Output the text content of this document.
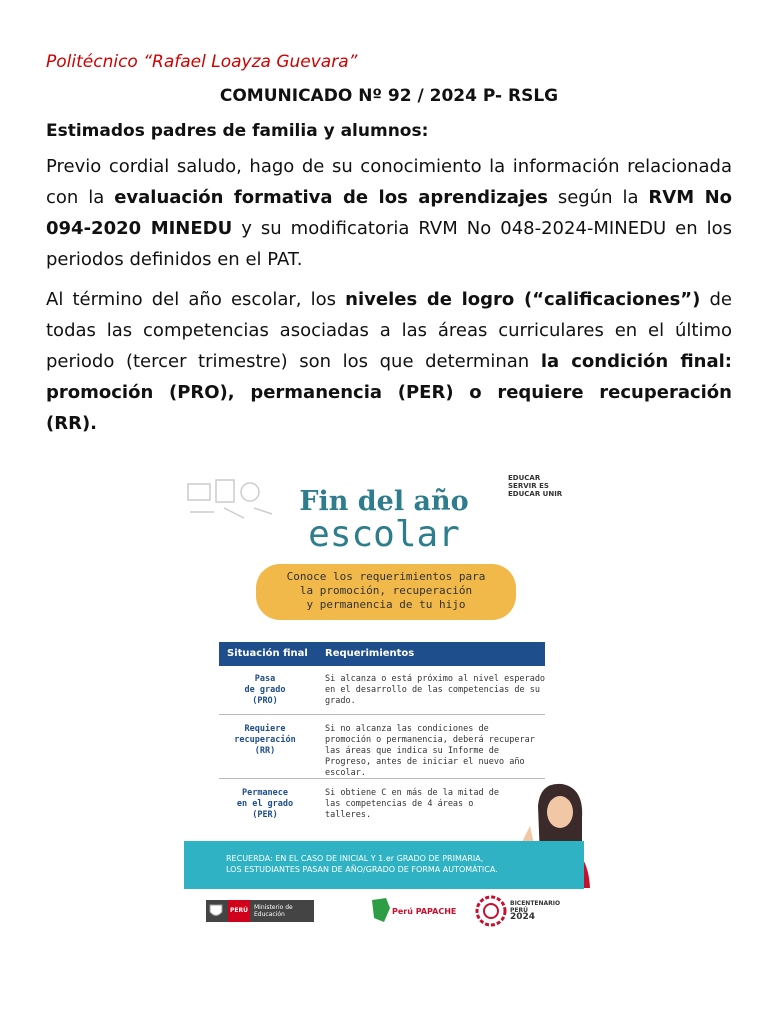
Politécnico “Rafael Loayza Guevara”

COMUNICADO Nº 92 / 2024 P- RSLG

Estimados padres de familia y alumnos:

Previo cordial saludo, hago de su conocimiento la información relacionada con la evaluación formativa de los aprendizajes según la RVM No 094-2020 MINEDU y su modificatoria RVM No 048-2024-MINEDU en los periodos definidos en el PAT.

Al término del año escolar, los niveles de logro (“calificaciones”) de todas las competencias asociadas a las áreas curriculares en el último periodo (tercer trimestre) son los que determinan la condición final: promoción (PRO), permanencia (PER) o requiere recuperación (RR).

EDUCAR SERVIR ES EDUCAR UNIR
Fin del año
escolar
Conoce los requerimientos para
la promoción, recuperación
y permanencia de tu hijo
Situación final Requerimientos
Pasa
de grado
(PRO)
Si alcanza o está próximo al nivel esperado en el desarrollo de las competencias de su grado.
Requiere
recuperación
(RR)
Si no alcanza las condiciones de promoción o permanencia, deberá recuperar las áreas que indica su Informe de Progreso, antes de iniciar el nuevo año escolar.
Permanece
en el grado
(PER)
Si obtiene C en más de la mitad de las competencias de 4 áreas o talleres.
RECUERDA: EN EL CASO DE INICIAL Y 1.er GRADO DE PRIMARIA,
LOS ESTUDIANTES PASAN DE AÑO/GRADO DE FORMA AUTOMÁTICA.
PERÚ	Ministerio de Educación	Perú PAPACHE
BICENTENARIO PERÚ
2024
